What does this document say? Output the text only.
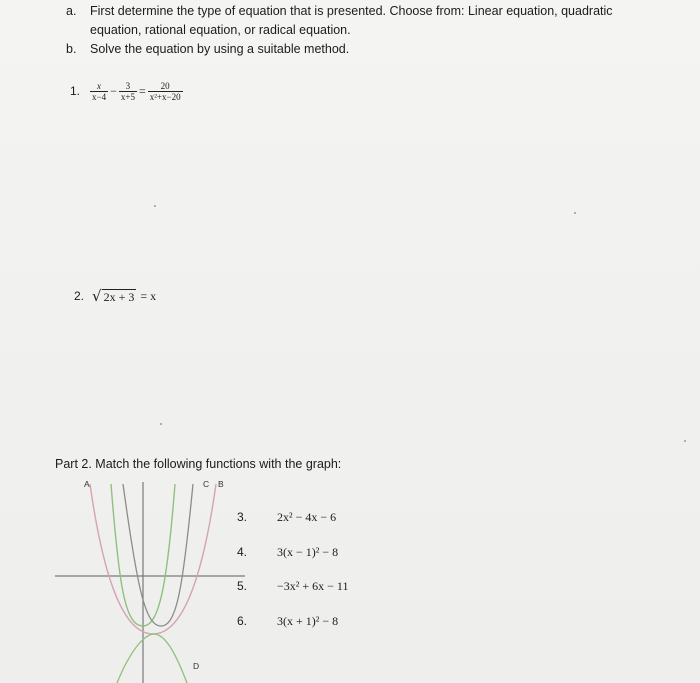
a. First determine the type of equation that is presented. Choose from: Linear equation, quadratic equation, rational equation, or radical equation.
b. Solve the equation by using a suitable method.
1. $\frac{x}{x-4} - \frac{3}{x+5} = \frac{20}{\text{x²+x−20}}$
2. √ 2x + 3 = x
Part 2. Match the following functions with the graph:
A	C B
D
3. 2x² − 4x − 6
4. 3(x − 1)² − 8
5. −3x² + 6x − 11
6. 3(x + 1)² − 8
